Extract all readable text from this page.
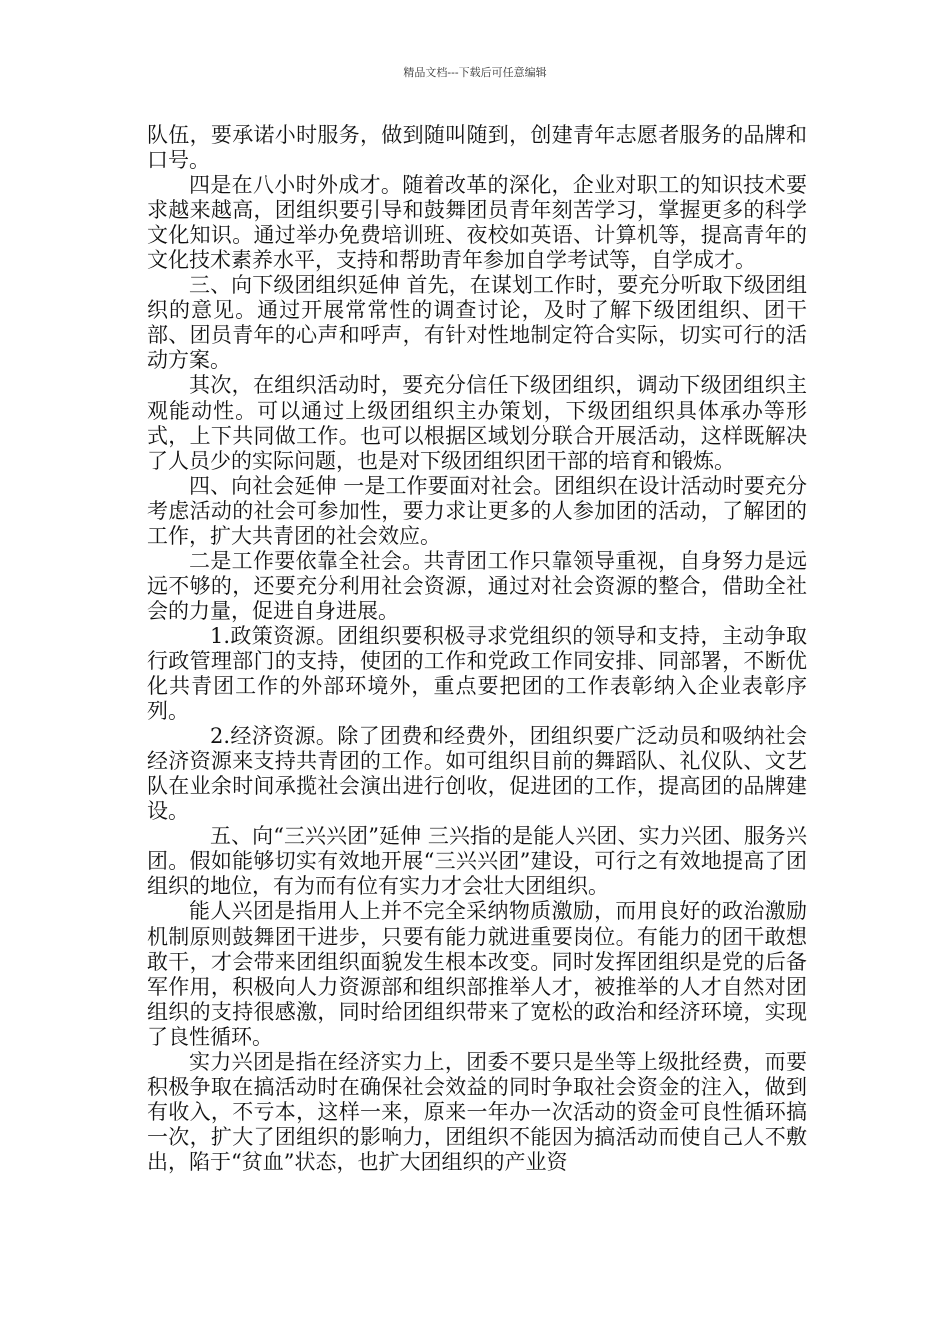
精品文档---下载后可任意编辑

队伍，要承诺小时服务，做到随叫随到，创建青年志愿者服务的品牌和口号。

四是在八小时外成才。随着改革的深化，企业对职工的知识技术要求越来越高，团组织要引导和鼓舞团员青年刻苦学习，掌握更多的科学文化知识。通过举办免费培训班、夜校如英语、计算机等，提高青年的文化技术素养水平，支持和帮助青年参加自学考试等，自学成才。

三、向下级团组织延伸 首先，在谋划工作时，要充分听取下级团组织的意见。通过开展常常性的调查讨论，及时了解下级团组织、团干部、团员青年的心声和呼声，有针对性地制定符合实际，切实可行的活动方案。

其次，在组织活动时，要充分信任下级团组织，调动下级团组织主观能动性。可以通过上级团组织主办策划，下级团组织具体承办等形式，上下共同做工作。也可以根据区域划分联合开展活动，这样既解决了人员少的实际问题，也是对下级团组织团干部的培育和锻炼。

四、向社会延伸 一是工作要面对社会。团组织在设计活动时要充分考虑活动的社会可参加性，要力求让更多的人参加团的活动，了解团的工作，扩大共青团的社会效应。

二是工作要依靠全社会。共青团工作只靠领导重视，自身努力是远远不够的，还要充分利用社会资源，通过对社会资源的整合，借助全社会的力量，促进自身进展。

1.政策资源。团组织要积极寻求党组织的领导和支持，主动争取行政管理部门的支持，使团的工作和党政工作同安排、同部署，不断优化共青团工作的外部环境外，重点要把团的工作表彰纳入企业表彰序列。

2.经济资源。除了团费和经费外，团组织要广泛动员和吸纳社会经济资源来支持共青团的工作。如可组织目前的舞蹈队、礼仪队、文艺队在业余时间承揽社会演出进行创收，促进团的工作，提高团的品牌建设。

五、向“三兴兴团”延伸 三兴指的是能人兴团、实力兴团、服务兴团。假如能够切实有效地开展“三兴兴团”建设，可行之有效地提高了团组织的地位，有为而有位有实力才会壮大团组织。

能人兴团是指用人上并不完全采纳物质激励，而用良好的政治激励机制原则鼓舞团干进步，只要有能力就进重要岗位。有能力的团干敢想敢干，才会带来团组织面貌发生根本改变。同时发挥团组织是党的后备军作用，积极向人力资源部和组织部推举人才，被推举的人才自然对团组织的支持很感激，同时给团组织带来了宽松的政治和经济环境，实现了良性循环。

实力兴团是指在经济实力上，团委不要只是坐等上级批经费，而要积极争取在搞活动时在确保社会效益的同时争取社会资金的注入，做到有收入，不亏本，这样一来，原来一年办一次活动的资金可良性循环搞一次，扩大了团组织的影响力，团组织不能因为搞活动而使自己人不敷出，陷于“贫血”状态，也扩大团组织的产业资
